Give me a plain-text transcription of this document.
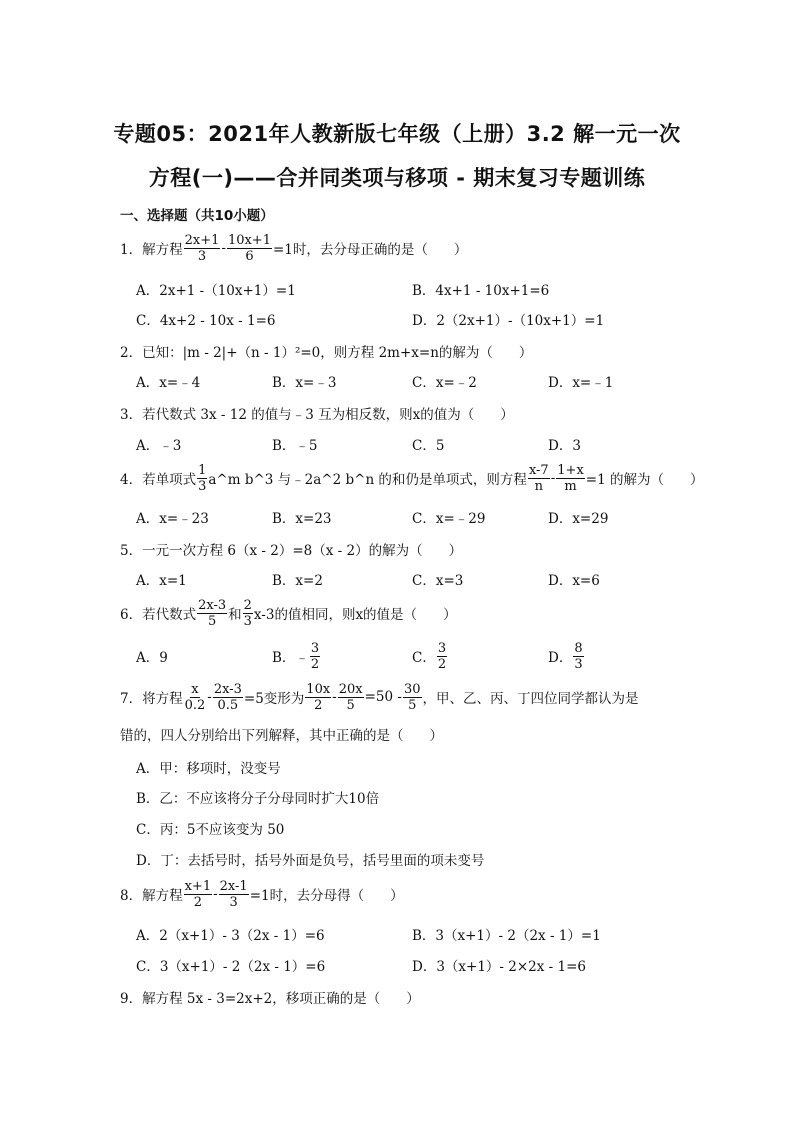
专题05：2021年人教新版七年级（上册）3.2 解一元一次
方程(一)——合并同类项与移项 - 期末复习专题训练
一、选择题（共10小题）
1．解方程 $\frac{2x+1}{3} - \frac{10x+1}{6} =1$时，去分母正确的是（ ）
A．2x+1 -（10x+1）=1	B．4x+1 - 10x+1=6
C．4x+2 - 10x - 1=6	D．2（2x+1）-（10x+1）=1
2．已知：|m - 2|+（n - 1）²=0，则方程 2m+x=n的解为（ ）
A．x=﹣4	B．x=﹣3	C．x=﹣2	D．x=﹣1
3．若代数式 3x - 12 的值与﹣3 互为相反数，则x的值为（ ）
A．﹣3	B．﹣5	C．5	D．3
4．若单项式 $\frac{1}{3}$ a^m b^3 与﹣2a^2 b^n 的和仍是单项式，则方程 $\frac{x-7}{n} - \frac{1+x}{m} =1$ 的解为（ ）
A．x=﹣23	B．x=23	C．x=﹣29	D．x=29
5．一元一次方程 6（x - 2）=8（x - 2）的解为（ ）
A．x=1	B．x=2	C．x=3	D．x=6
6．若代数式 $\frac{2x-3}{5}$ 和 $\frac{2}{3} x-3$的值相同，则x的值是（ ）
A．9	B．﹣ $\frac{3}{2}$	C． $\frac{3}{2}$	D． $\frac{8}{3}$
7．将方程 $\frac{x}{0.2} - \frac{2x-3}{0.5} =5$变形为 $\frac{10x}{2} - \frac{20x}{5} =50 - \frac{30}{5}$ ，甲、乙、丙、丁四位同学都认为是
错的，四人分别给出下列解释，其中正确的是（ ）
A．甲：移项时，没变号
B．乙：不应该将分子分母同时扩大10倍
C．丙：5不应该变为 50
D．丁：去括号时，括号外面是负号，括号里面的项未变号
8．解方程 $\frac{x+1}{2} - \frac{2x-1}{3} =1$时，去分母得（ ）
A．2（x+1）- 3（2x - 1）=6	B．3（x+1）- 2（2x - 1）=1
C．3（x+1）- 2（2x - 1）=6	D．3（x+1）- 2×2x - 1=6
9．解方程 5x - 3=2x+2，移项正确的是（ ）
